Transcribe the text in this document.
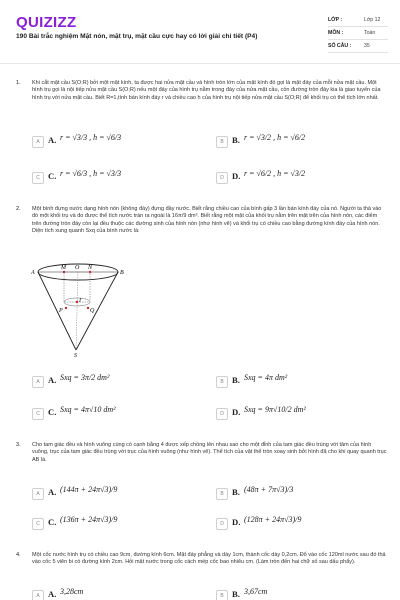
QUIZIZZ
190 Bài trắc nghiệm Mặt nón, mặt trụ, mặt cầu cực hay có lời giải chi tiết (P4)
LỚP :	Lớp 12
MÔN :	Toán
SỐ CÂU :	35
1. Khi cắt mặt cầu S(O;R) bởi một mặt kính, ta được hai nửa mặt cầu và hình tròn lớn của mặt kính đó gọi là mặt đáy của mỗi nửa mặt cầu. Một hình trụ gọi là nội tiếp nửa mặt cầu S(O;R) nếu một đáy của hình trụ nằm trong đáy của nửa mặt cầu, còn đường tròn đáy kia là giao tuyến của hình trụ với nửa mặt cầu. Biết R=1,tính bán kính đáy r và chiều cao h của hình trụ nội tiếp nửa mặt cầu S(O;R) để khối trụ có thể tích lớn nhất.
A A. r = √3/3 , h = √6/3	B B. r = √3/2 , h = √6/2
C C. r = √6/3 , h = √3/3	D D. r = √6/2 , h = √3/2
2. Một bình đựng nước dạng hình nón (không đáy) đựng đầy nước. Biết rằng chiều cao của bình gấp 3 lần bán kính đáy của nó. Người ta thả vào đó một khối trụ và đo được thể tích nước tràn ra ngoài là 16π/9 dm³. Biết rằng một mặt của khối trụ nằm trên mặt trên của hình nón, các điểm trên đường tròn đáy còn lại đều thuộc các đường sinh của hình nón (như hình vẽ) và khối trụ có chiều cao bằng đường kính đáy của hình nón. Diện tích xung quanh Sxq của bình nước là:
A A. Sxq = 3π/2 dm²	B B. Sxq = 4π dm²
C C. Sxq = 4π√10 dm²	D D. Sxq = 9π√10/2 dm²
A
M O N
B
I
P	Q
S
3. Cho tam giác đều và hình vuông cùng có cạnh bằng 4 được xếp chồng lên nhau sao cho một đỉnh của tam giác đều trùng với tâm của hình vuông, trục của tam giác đều trùng với trục của hình vuông (như hình vẽ). Thể tích của vật thể tròn xoay sinh bởi hình đã cho khi quay quanh trục AB là.
A A. (144π + 24π√3)/9	B B. (48π + 7π√3)/3
C C. (136π + 24π√3)/9	D D. (128π + 24π√3)/9
4. Một cốc nước hình trụ có chiều cao 9cm, đường kính 6cm. Mặt đáy phẳng và dày 1cm, thành cốc dày 0,2cm. Đổ vào cốc 120ml nước sau đó thả vào cốc 5 viên bi có đường kính 2cm. Hỏi mặt nước trong cốc cách mép cốc bao nhiêu cm. (Làm tròn đến hai chữ số sau dấu phẩy).
A A. 3,28cm	B B. 3,67cm
